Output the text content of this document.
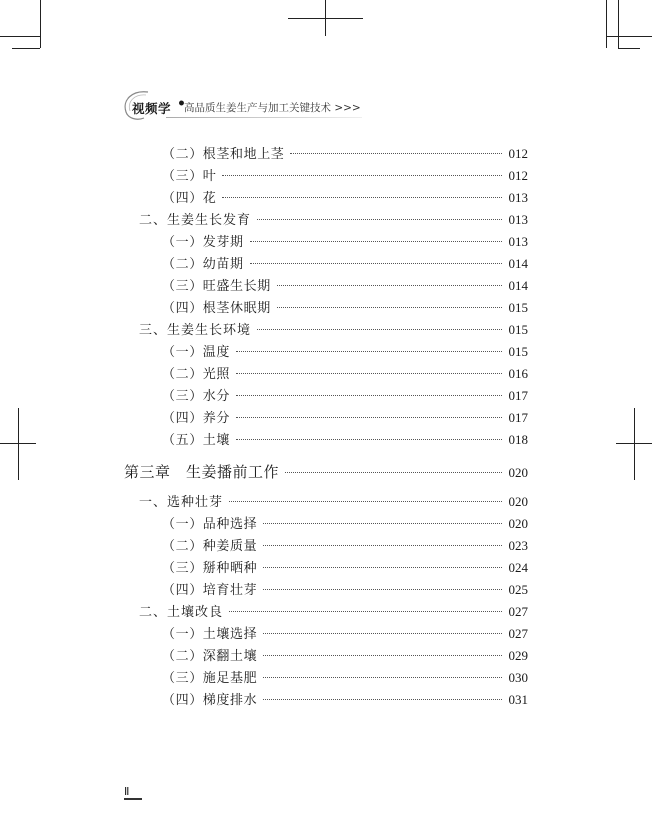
视频学 •
高品质生姜生产与加工关键技术 >>>
（二）根茎和地上茎	012
（三）叶	012
（四）花	013
二、生姜生长发育	013
（一）发芽期	013
（二）幼苗期	014
（三）旺盛生长期	014
（四）根茎休眠期	015
三、生姜生长环境	015
（一）温度	015
（二）光照	016
（三）水分	017
（四）养分	017
（五）土壤	018
第三章　生姜播前工作	020
一、选种壮芽	020
（一）品种选择	020
（二）种姜质量	023
（三）掰种晒种	024
（四）培育壮芽	025
二、土壤改良	027
（一）土壤选择	027
（二）深翻土壤	029
（三）施足基肥	030
（四）梯度排水	031
Ⅱ
